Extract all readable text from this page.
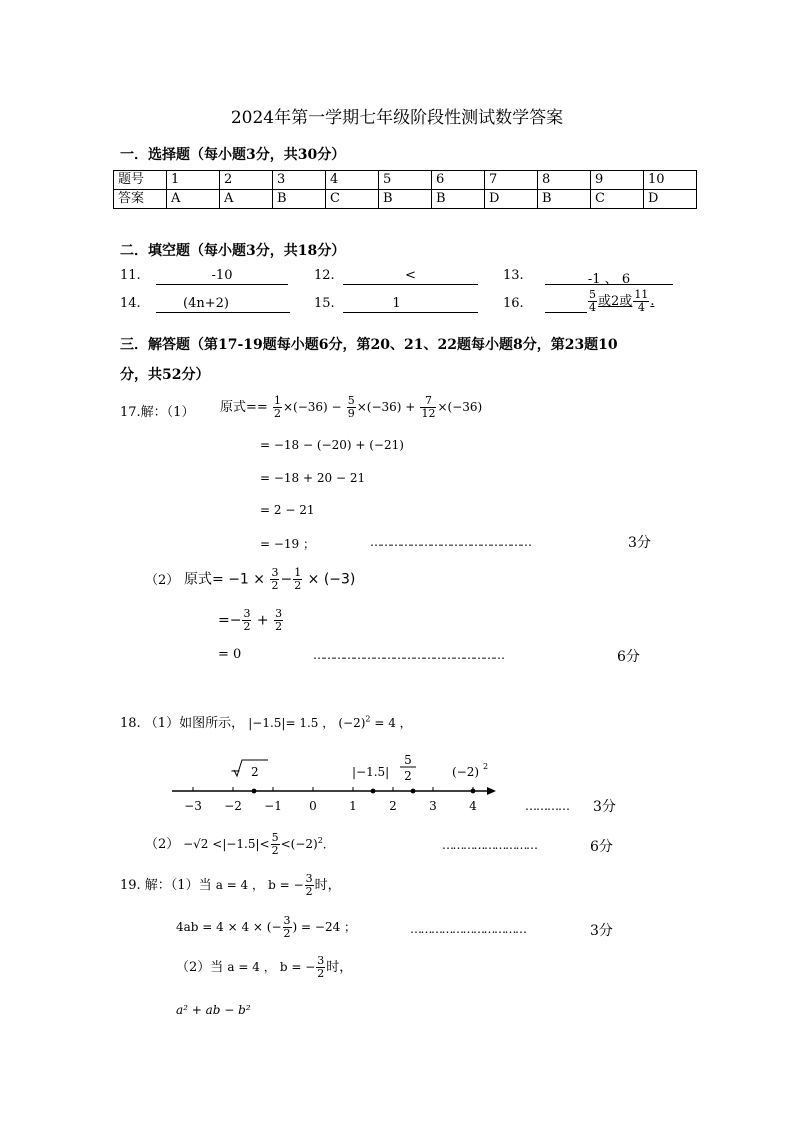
2024年第一学期七年级阶段性测试数学答案
一．选择题（每小题3分，共30分）
题号	1	2	3	4	5	6	7	8	9	10
答案	A	A	B	C	B	B	D	B	C	D
二．填空题（每小题3分，共18分）
11.	-10	12.	<	13.	-1 、 6
14.	(4n+2)	15.	1	16.	$\frac{5}{4}$ 或2或 $\frac{11}{4}$ .
三．解答题（第17-19题每小题6分，第20、21、22题每小题8分，第23题10
分，共52分）
17.解：（1） 原式== $\frac{1}{2} \times(-36) - \frac{5}{9} \times(-36) + \frac{7}{12} \times(-36)$
= −18 − (−20) + (−21)
= −18 + 20 − 21
= 2 − 21
= −19 ；	…………………………………………	3分
（2） 原式= $-1 \times \frac{3}{2} - \frac{1}{2} \times (-3)$
=− $\frac{3}{2} + \frac{3}{2}$
= 0	…………………………………………………	6分
18. （1）如图所示， |−1.5|= 1.5 ， $(-2)^2 = 4$ ，
−3 −2 −1 0	1	2	3	4
− 2	|−1.5|
5
2	(−2) 2
………… 3分
$(2) -√2 <|-1.5|< \frac{5}{2} <(-2)^2$．	………………………	6分
19. 解：（1）当 a = 4 ， b = − $\frac{3}{2}$ 时，
4ab = 4 × 4 × (− $\frac{3}{2}$ ) = −24 ；	……………………………	3分
（2）当 a = 4 ， b = − $\frac{3}{2}$ 时，
a² + ab − b²
